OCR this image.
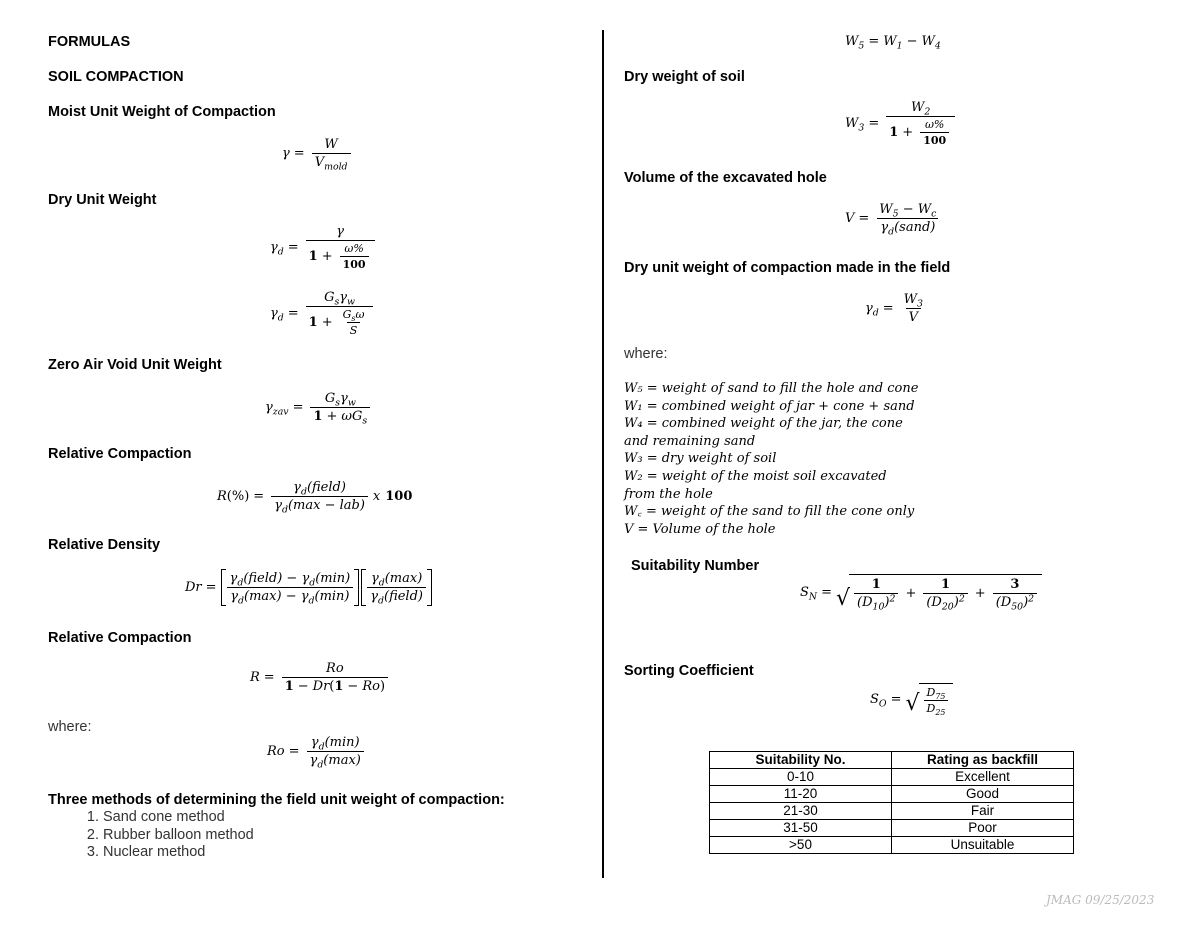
FORMULAS
SOIL COMPACTION
Moist Unit Weight of Compaction
$\gamma = \frac{W}{V_{mold}}$
Dry Unit Weight
$\gamma_d = \frac{\gamma}{1 + \frac{\omega\%}{100}}$
$\gamma_d = \frac{G_s\gamma_w}{1 + \frac{G_s\omega}{S}}$
Zero Air Void Unit Weight
$\gamma_{zav} = \frac{G_s\gamma_w}{1 + \omega G_s}$
Relative Compaction
$R(\%) = \frac{\gamma_d(field)}{\gamma_d(\max - lab)}$ x 100
Relative Density
$Dr = \frac{\gamma_d(field) - \gamma_d(\min)}{\gamma_d(\max) - \gamma_d(\min)} \frac{\gamma_d(\max)}{\gamma_d(field)}$
Relative Compaction
$R = \frac{Ro}{1 - Dr(1 - Ro)}$
where:
$Ro = \frac{\gamma_d(\min)}{\gamma_d(\max)}$
Three methods of determining the field unit weight of compaction:
1. Sand cone method
2. Rubber balloon method
3. Nuclear method
$W_5 = W_1 - W_4$
Dry weight of soil
$W_3 = \frac{W_2}{1 + \frac{\omega\%}{100}}$
Volume of the excavated hole
$V = \frac{W_5 - W_c}{\gamma_d(sand)}$
Dry unit weight of compaction made in the field
$\gamma_d = \frac{W_3}{V}$
where:
W₅ = weight of sand to fill the hole and cone
W₁ = combined weight of jar + cone + sand
W₄ = combined weight of the jar, the cone
and remaining sand
W₃ = dry weight of soil
W₂ = weight of the moist soil excavated
from the hole
W꜀ = weight of the sand to fill the cone only
V = Volume of the hole
Suitability Number
$S_N$ = √ $\frac{1}{(D_{10})^2} + \frac{1}{(D_{20})^2} + \frac{3}{(D_{50})^2}$
Sorting Coefficient
$S_O$ = √ $\frac{D_{75}}{D_{25}}$
Suitability No.	Rating as backfill
0-10	Excellent
11-20	Good
21-30	Fair
31-50	Poor
>50	Unsuitable
JMAG 09/25/2023
